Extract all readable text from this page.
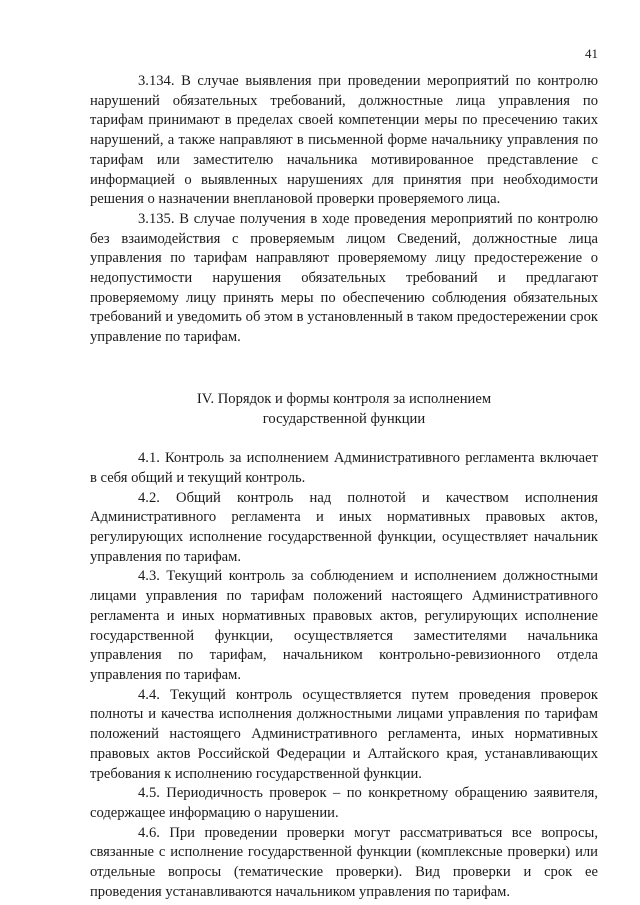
41

3.134. В случае выявления при проведении мероприятий по контролю нарушений обязательных требований, должностные лица управления по тарифам принимают в пределах своей компетенции меры по пресечению таких нарушений, а также направляют в письменной форме начальнику управления по тарифам или заместителю начальника мотивированное представление с информацией о выявленных нарушениях для принятия при необходимости решения о назначении внеплановой проверки проверяемого лица.

3.135. В случае получения в ходе проведения мероприятий по контролю без взаимодействия с проверяемым лицом Сведений, должностные лица управления по тарифам направляют проверяемому лицу предостережение о недопустимости нарушения обязательных требований и предлагают проверяемому лицу принять меры по обеспечению соблюдения обязательных требований и уведомить об этом в установленный в таком предостережении срок управление по тарифам.

IV. Порядок и формы контроля за исполнением
государственной функции

4.1. Контроль за исполнением Административного регламента включает в себя общий и текущий контроль.

4.2. Общий контроль над полнотой и качеством исполнения Административного регламента и иных нормативных правовых актов, регулирующих исполнение государственной функции, осуществляет начальник управления по тарифам.

4.3. Текущий контроль за соблюдением и исполнением должностными лицами управления по тарифам положений настоящего Административного регламента и иных нормативных правовых актов, регулирующих исполнение государственной функции, осуществляется заместителями начальника управления по тарифам, начальником контрольно-ревизионного отдела управления по тарифам.

4.4. Текущий контроль осуществляется путем проведения проверок полноты и качества исполнения должностными лицами управления по тарифам положений настоящего Административного регламента, иных нормативных правовых актов Российской Федерации и Алтайского края, устанавливающих требования к исполнению государственной функции.

4.5. Периодичность проверок – по конкретному обращению заявителя, содержащее информацию о нарушении.

4.6. При проведении проверки могут рассматриваться все вопросы, связанные с исполнение государственной функции (комплексные проверки) или отдельные вопросы (тематические проверки). Вид проверки и срок ее проведения устанавливаются начальником управления по тарифам.
